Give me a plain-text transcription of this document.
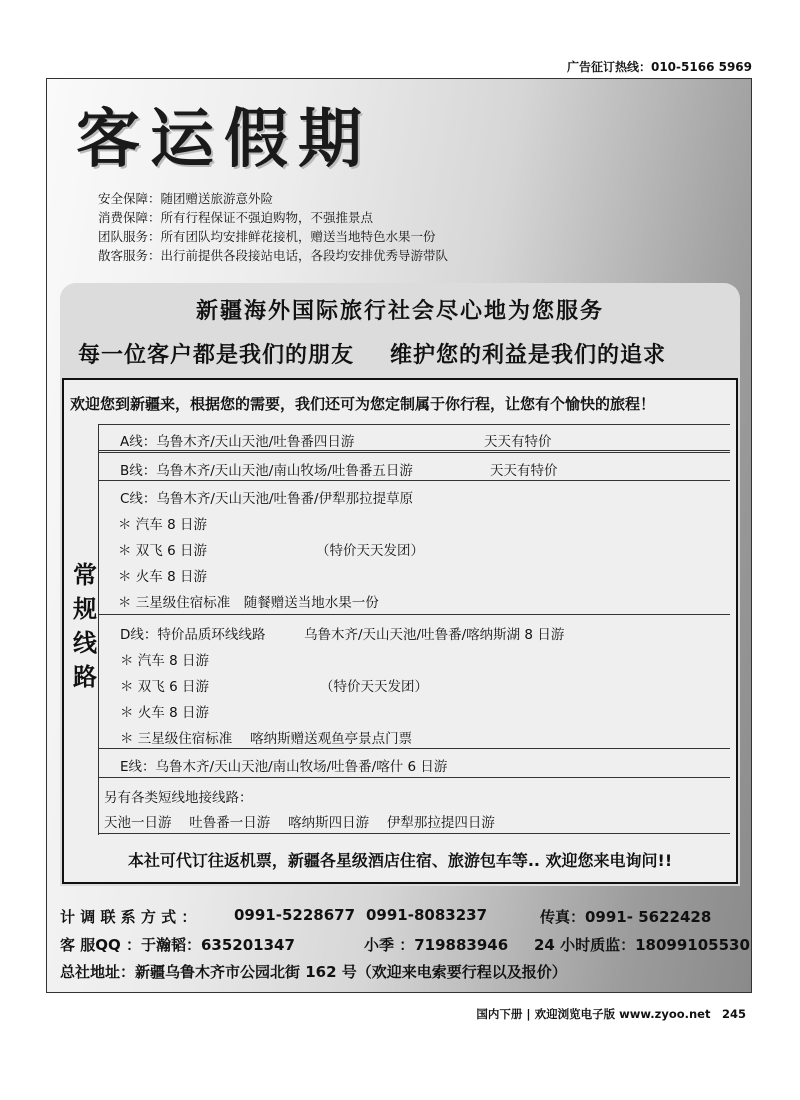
广告征订热线：010-5166 5969
客运假期
安全保障：随团赠送旅游意外险
消费保障：所有行程保证不强迫购物，不强推景点
团队服务：所有团队均安排鲜花接机，赠送当地特色水果一份
散客服务：出行前提供各段接站电话，各段均安排优秀导游带队
新疆海外国际旅行社会尽心地为您服务
每一位客户都是我们的朋友 维护您的利益是我们的追求
欢迎您到新疆来，根据您的需要，我们还可为您定制属于你行程，让您有个愉快的旅程！
常规线路
A线：乌鲁木齐/天山天池/吐鲁番四日游	天天有特价
B线：乌鲁木齐/天山天池/南山牧场/吐鲁番五日游	天天有特价
C线：乌鲁木齐/天山天池/吐鲁番/伊犁那拉提草原
＊ 汽车 8 日游
＊ 双飞 6 日游	（特价天天发团）
＊ 火车 8 日游
＊ 三星级住宿标准　随餐赠送当地水果一份
D线：特价品质环线线路	乌鲁木齐/天山天池/吐鲁番/喀纳斯湖 8 日游
＊ 汽车 8 日游
＊ 双飞 6 日游	（特价天天发团）
＊ 火车 8 日游
＊ 三星级住宿标准　 喀纳斯赠送观鱼亭景点门票
E线：乌鲁木齐/天山天池/南山牧场/吐鲁番/喀什 6 日游
另有各类短线地接线路：
天池一日游　 吐鲁番一日游　 喀纳斯四日游　 伊犁那拉提四日游
本社可代订往返机票，新疆各星级酒店住宿、旅游包车等.. 欢迎您来电询问!!
计 调 联 系 方 式 ：	0991-5228677 0991-8083237	传真：0991- 5622428
客 服QQ ：于瀚韬：635201347	小季 ：719883946 24 小时质监：18099105530
总社地址：新疆乌鲁木齐市公园北街 162 号（欢迎来电索要行程以及报价）
国内下册 | 欢迎浏览电子版 www.zyoo.net　245
